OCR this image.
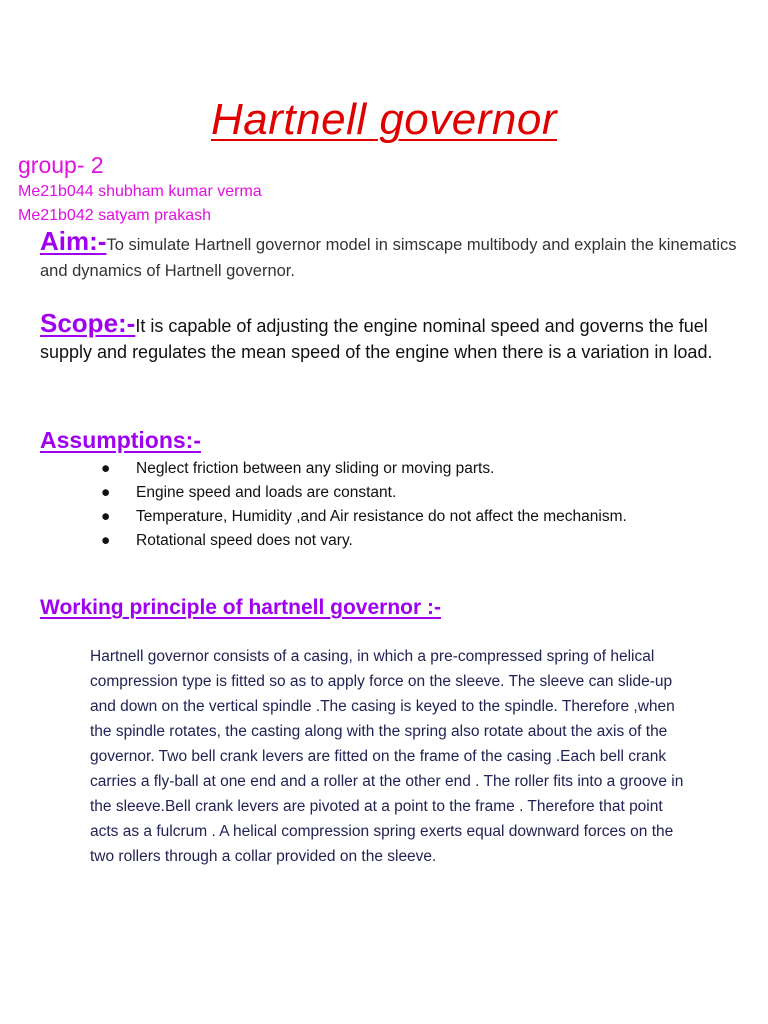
Hartnell governor
group- 2
Me21b044 shubham kumar verma
Me21b042 satyam prakash
Aim:-To simulate Hartnell governor model in simscape multibody and explain the kinematics and dynamics of Hartnell governor.
Scope:-It is capable of adjusting the engine nominal speed and governs the fuel supply and regulates the mean speed of the engine when there is a variation in load.
Assumptions:-
● Neglect friction between any sliding or moving parts.
● Engine speed and loads are constant.
● Temperature, Humidity ,and Air resistance do not affect the mechanism.
● Rotational speed does not vary.
Working principle of hartnell governor :-
Hartnell governor consists of a casing, in which a pre-compressed spring of helical compression type is fitted so as to apply force on the sleeve. The sleeve can slide-up and down on the vertical spindle .The casing is keyed to the spindle. Therefore ,when the spindle rotates, the casting along with the spring also rotate about the axis of the governor. Two bell crank levers are fitted on the frame of the casing .Each bell crank carries a fly-ball at one end and a roller at the other end . The roller fits into a groove in the sleeve.Bell crank levers are pivoted at a point to the frame . Therefore that point acts as a fulcrum . A helical compression spring exerts equal downward forces on the two rollers through a collar provided on the sleeve.
